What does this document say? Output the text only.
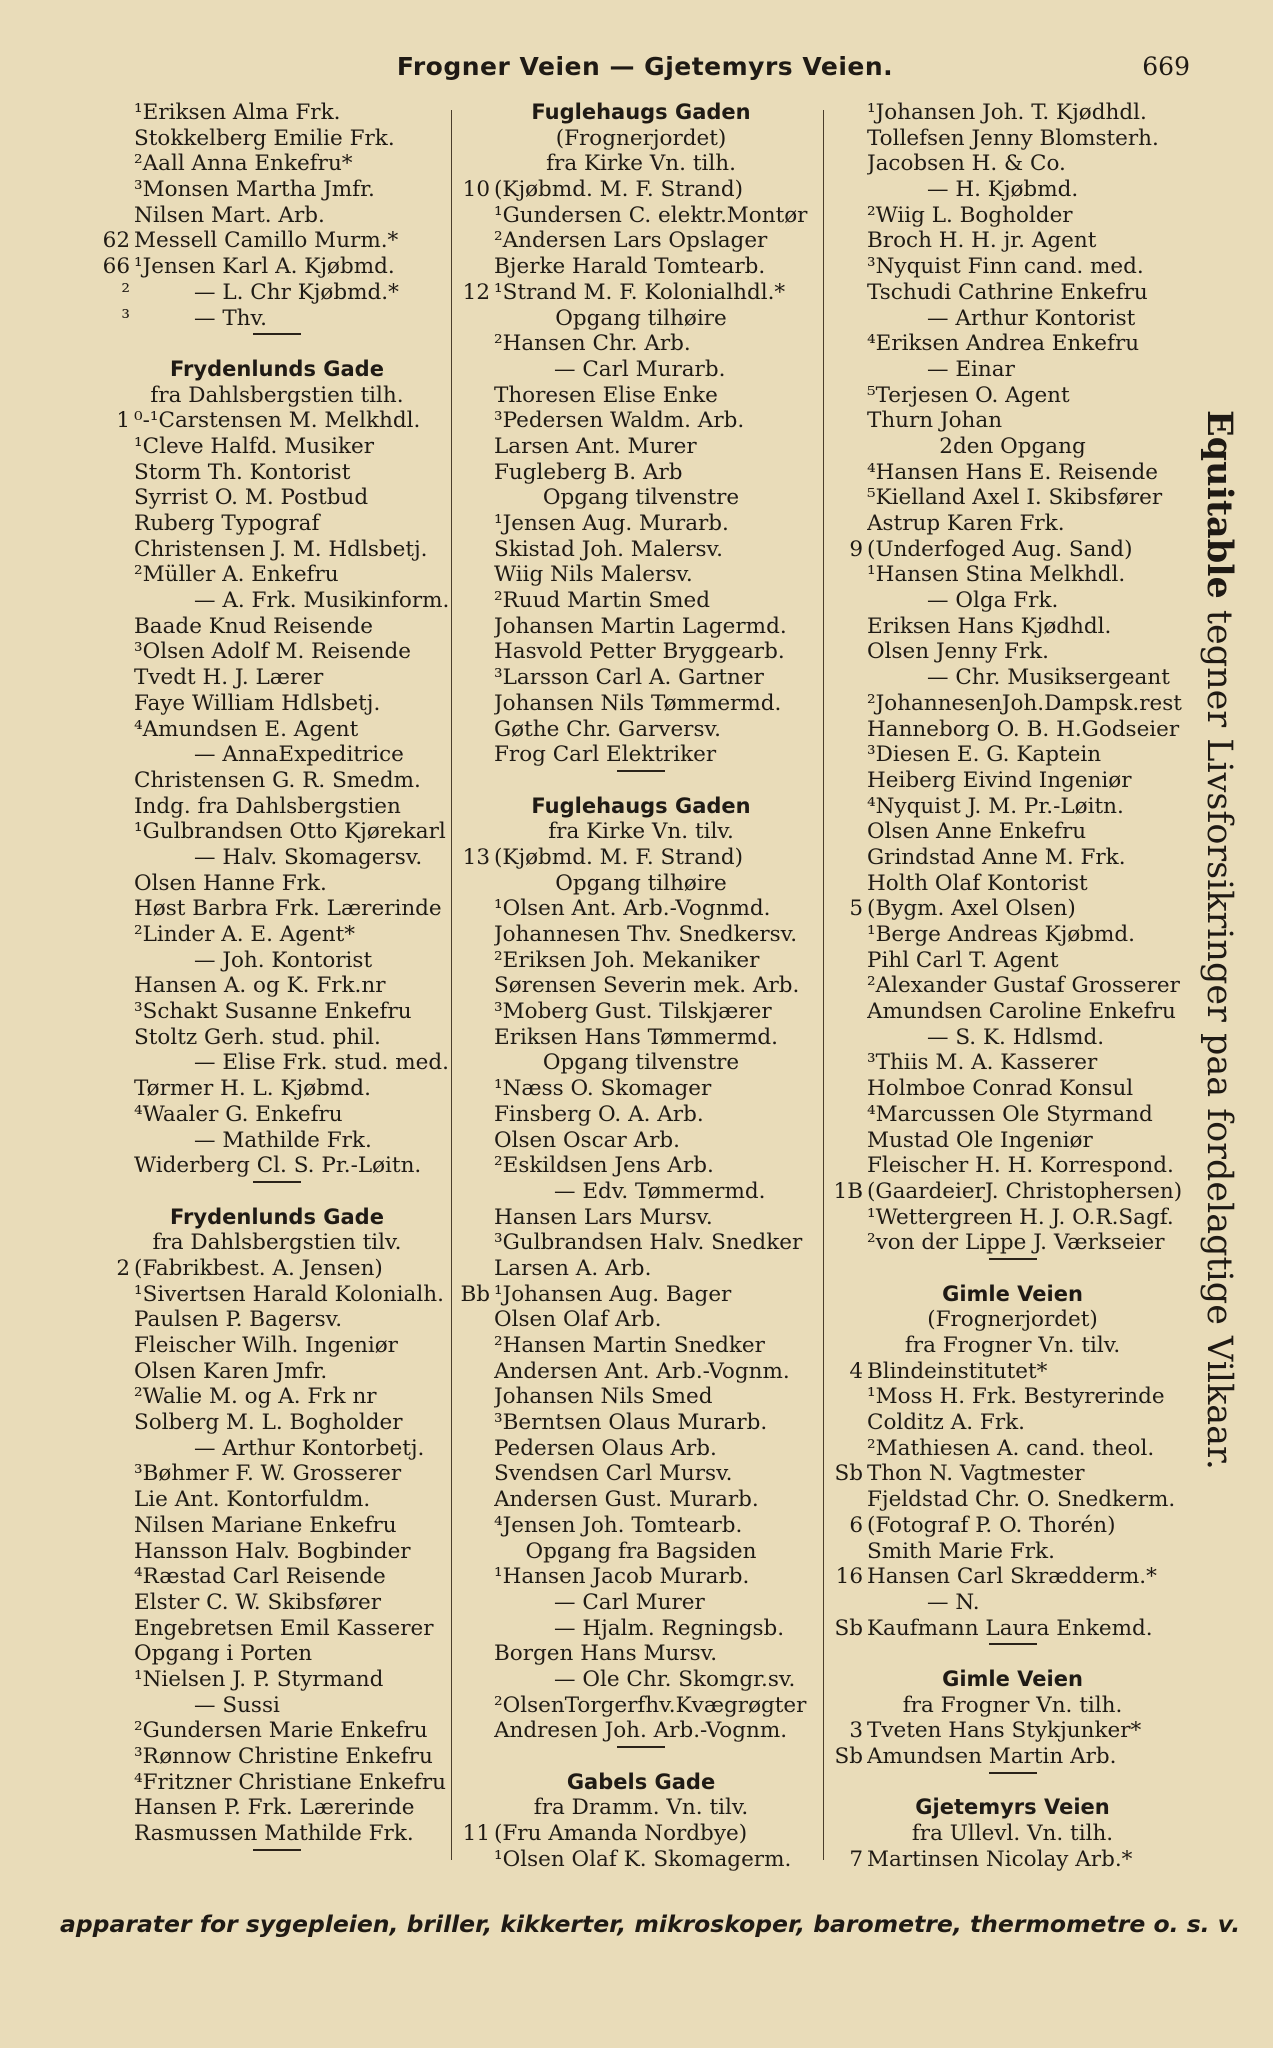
Frogner Veien — Gjetemyrs Veien.	669
¹Eriksen Alma Frk.
Stokkelberg Emilie Frk.
²Aall Anna Enkefru*
³Monsen Martha Jmfr.
Nilsen Mart. Arb.
62 Messell Camillo Murm.*
66 ¹Jensen Karl A. Kjøbmd.
²	— L. Chr Kjøbmd.*
³	— Thv.
Frydenlunds Gade
fra Dahlsbergstien tilh.
1 ⁰-¹Carstensen M. Melkhdl.
¹Cleve Halfd. Musiker
Storm Th. Kontorist
Syrrist O. M. Postbud
Ruberg Typograf
Christensen J. M. Hdlsbetj.
²Müller A. Enkefru
— A. Frk. Musikinform.
Baade Knud Reisende
³Olsen Adolf M. Reisende
Tvedt H. J. Lærer
Faye William Hdlsbetj.
⁴Amundsen E. Agent
— AnnaExpeditrice
Christensen G. R. Smedm.
Indg. fra Dahlsbergstien
¹Gulbrandsen Otto Kjørekarl
— Halv. Skomagersv.
Olsen Hanne Frk.
Høst Barbra Frk. Lærerinde
²Linder A. E. Agent*
— Joh. Kontorist
Hansen A. og K. Frk.nr
³Schakt Susanne Enkefru
Stoltz Gerh. stud. phil.
— Elise Frk. stud. med.
Tørmer H. L. Kjøbmd.
⁴Waaler G. Enkefru
— Mathilde Frk.
Widerberg Cl. S. Pr.-Løitn.
Frydenlunds Gade
fra Dahlsbergstien tilv.
2 (Fabrikbest. A. Jensen)
¹Sivertsen Harald Kolonialh.
Paulsen P. Bagersv.
Fleischer Wilh. Ingeniør
Olsen Karen Jmfr.
²Walie M. og A. Frk nr
Solberg M. L. Bogholder
— Arthur Kontorbetj.
³Bøhmer F. W. Grosserer
Lie Ant. Kontorfuldm.
Nilsen Mariane Enkefru
Hansson Halv. Bogbinder
⁴Ræstad Carl Reisende
Elster C. W. Skibsfører
Engebretsen Emil Kasserer
Opgang i Porten
¹Nielsen J. P. Styrmand
— Sussi
²Gundersen Marie Enkefru
³Rønnow Christine Enkefru
⁴Fritzner Christiane Enkefru
Hansen P. Frk. Lærerinde
Rasmussen Mathilde Frk.
Fuglehaugs Gaden
(Frognerjordet)
fra Kirke Vn. tilh.
10 (Kjøbmd. M. F. Strand)
¹Gundersen C. elektr.Montør
²Andersen Lars Opslager
Bjerke Harald Tomtearb.
12 ¹Strand M. F. Kolonialhdl.*
Opgang tilhøire
²Hansen Chr. Arb.
— Carl Murarb.
Thoresen Elise Enke
³Pedersen Waldm. Arb.
Larsen Ant. Murer
Fugleberg B. Arb
Opgang tilvenstre
¹Jensen Aug. Murarb.
Skistad Joh. Malersv.
Wiig Nils Malersv.
²Ruud Martin Smed
Johansen Martin Lagermd.
Hasvold Petter Bryggearb.
³Larsson Carl A. Gartner
Johansen Nils Tømmermd.
Gøthe Chr. Garversv.
Frog Carl Elektriker
Fuglehaugs Gaden
fra Kirke Vn. tilv.
13 (Kjøbmd. M. F. Strand)
Opgang tilhøire
¹Olsen Ant. Arb.-Vognmd.
Johannesen Thv. Snedkersv.
²Eriksen Joh. Mekaniker
Sørensen Severin mek. Arb.
³Moberg Gust. Tilskjærer
Eriksen Hans Tømmermd.
Opgang tilvenstre
¹Næss O. Skomager
Finsberg O. A. Arb.
Olsen Oscar Arb.
²Eskildsen Jens Arb.
— Edv. Tømmermd.
Hansen Lars Mursv.
³Gulbrandsen Halv. Snedker
Larsen A. Arb.
Bb ¹Johansen Aug. Bager
Olsen Olaf Arb.
²Hansen Martin Snedker
Andersen Ant. Arb.-Vognm.
Johansen Nils Smed
³Berntsen Olaus Murarb.
Pedersen Olaus Arb.
Svendsen Carl Mursv.
Andersen Gust. Murarb.
⁴Jensen Joh. Tomtearb.
Opgang fra Bagsiden
¹Hansen Jacob Murarb.
— Carl Murer
— Hjalm. Regningsb.
Borgen Hans Mursv.
— Ole Chr. Skomgr.sv.
²OlsenTorgerfhv.Kvægrøgter
Andresen Joh. Arb.-Vognm.
Gabels Gade
fra Dramm. Vn. tilv.
11 (Fru Amanda Nordbye)
¹Olsen Olaf K. Skomagerm.
¹Johansen Joh. T. Kjødhdl.
Tollefsen Jenny Blomsterh.
Jacobsen H. & Co.
— H. Kjøbmd.
²Wiig L. Bogholder
Broch H. H. jr. Agent
³Nyquist Finn cand. med.
Tschudi Cathrine Enkefru
— Arthur Kontorist
⁴Eriksen Andrea Enkefru
— Einar
⁵Terjesen O. Agent
Thurn Johan
2den Opgang
⁴Hansen Hans E. Reisende
⁵Kielland Axel I. Skibsfører
Astrup Karen Frk.
9 (Underfoged Aug. Sand)
¹Hansen Stina Melkhdl.
— Olga Frk.
Eriksen Hans Kjødhdl.
Olsen Jenny Frk.
— Chr. Musiksergeant
²JohannesenJoh.Dampsk.rest
Hanneborg O. B. H.Godseier
³Diesen E. G. Kaptein
Heiberg Eivind Ingeniør
⁴Nyquist J. M. Pr.-Løitn.
Olsen Anne Enkefru
Grindstad Anne M. Frk.
Holth Olaf Kontorist
5 (Bygm. Axel Olsen)
¹Berge Andreas Kjøbmd.
Pihl Carl T. Agent
²Alexander Gustaf Grosserer
Amundsen Caroline Enkefru
— S. K. Hdlsmd.
³Thiis M. A. Kasserer
Holmboe Conrad Konsul
⁴Marcussen Ole Styrmand
Mustad Ole Ingeniør
Fleischer H. H. Korrespond.
1B (GaardeierJ. Christophersen)
¹Wettergreen H. J. O.R.Sagf.
²von der Lippe J. Værkseier
Gimle Veien
(Frognerjordet)
fra Frogner Vn. tilv.
4 Blindeinstitutet*
¹Moss H. Frk. Bestyrerinde
Colditz A. Frk.
²Mathiesen A. cand. theol.
Sb Thon N. Vagtmester
Fjeldstad Chr. O. Snedkerm.
6 (Fotograf P. O. Thorén)
Smith Marie Frk.
16 Hansen Carl Skrædderm.*
— N.
Sb Kaufmann Laura Enkemd.
Gimle Veien
fra Frogner Vn. tilh.
3 Tveten Hans Stykjunker*
Sb Amundsen Martin Arb.
Gjetemyrs Veien
fra Ullevl. Vn. tilh.
7 Martinsen Nicolay Arb.*
Equitable tegner Livsforsikringer paa fordelagtige Vilkaar.
apparater for sygepleien, briller, kikkerter, mikroskoper, barometre, thermometre o. s. v.
